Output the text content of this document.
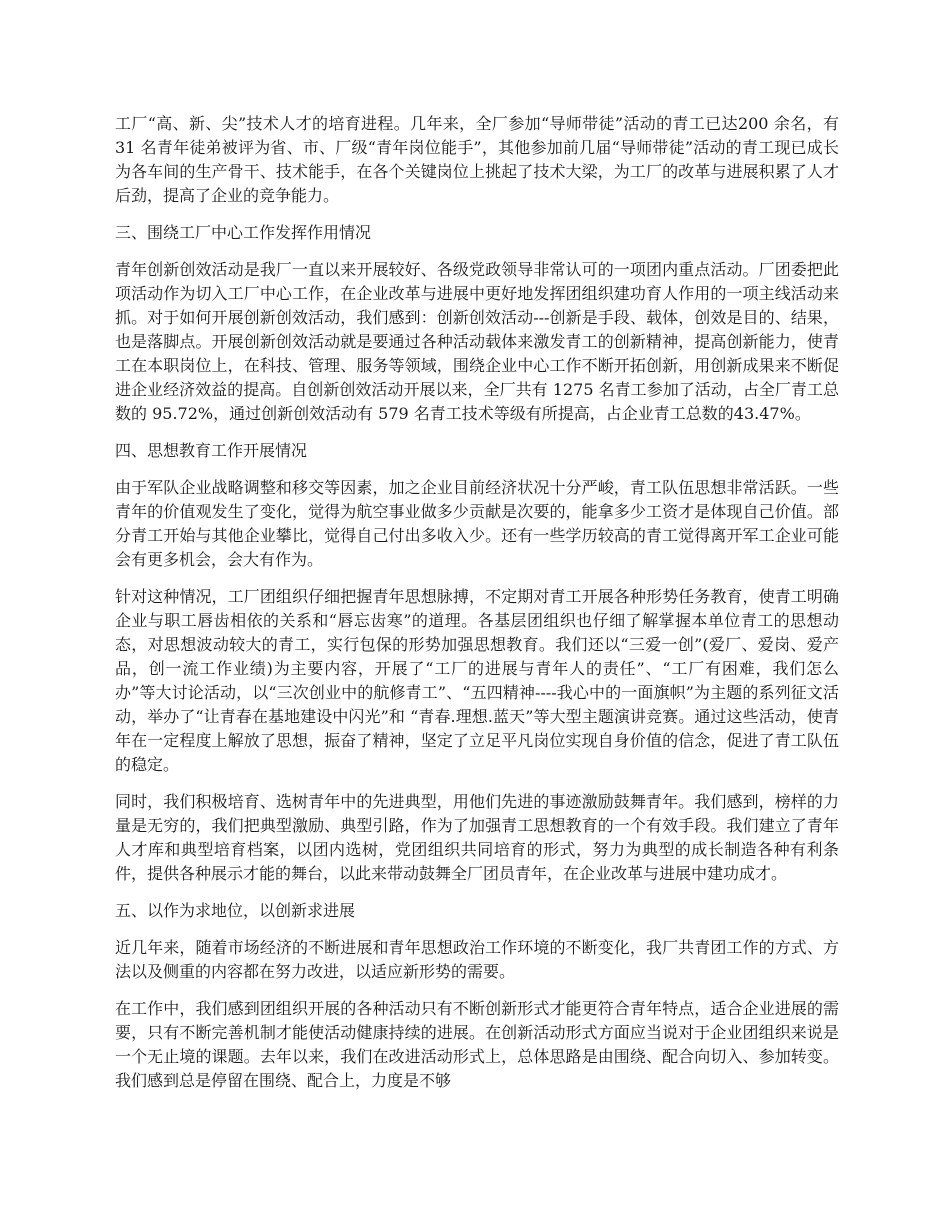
工厂“高、新、尖”技术人才的培育进程。几年来，全厂参加“导师带徒”活动的青工已达200 余名，有 31 名青年徒弟被评为省、市、厂级“青年岗位能手”，其他参加前几届“导师带徒”活动的青工现已成长为各车间的生产骨干、技术能手，在各个关键岗位上挑起了技术大梁，为工厂的改革与进展积累了人才后劲，提高了企业的竞争能力。

三、围绕工厂中心工作发挥作用情况

青年创新创效活动是我厂一直以来开展较好、各级党政领导非常认可的一项团内重点活动。厂团委把此项活动作为切入工厂中心工作，在企业改革与进展中更好地发挥团组织建功育人作用的一项主线活动来抓。对于如何开展创新创效活动，我们感到：创新创效活动---创新是手段、载体，创效是目的、结果，也是落脚点。开展创新创效活动就是要通过各种活动载体来激发青工的创新精神，提高创新能力，使青工在本职岗位上，在科技、管理、服务等领域，围绕企业中心工作不断开拓创新，用创新成果来不断促进企业经济效益的提高。自创新创效活动开展以来，全厂共有 1275 名青工参加了活动，占全厂青工总数的 95.72%，通过创新创效活动有 579 名青工技术等级有所提高，占企业青工总数的43.47%。

四、思想教育工作开展情况

由于军队企业战略调整和移交等因素，加之企业目前经济状况十分严峻，青工队伍思想非常活跃。一些青年的价值观发生了变化，觉得为航空事业做多少贡献是次要的，能拿多少工资才是体现自己价值。部分青工开始与其他企业攀比，觉得自己付出多收入少。还有一些学历较高的青工觉得离开军工企业可能会有更多机会，会大有作为。

针对这种情况，工厂团组织仔细把握青年思想脉搏，不定期对青工开展各种形势任务教育，使青工明确企业与职工唇齿相依的关系和“唇忘齿寒”的道理。各基层团组织也仔细了解掌握本单位青工的思想动态，对思想波动较大的青工，实行包保的形势加强思想教育。我们还以“三爱一创”(爱厂、爱岗、爱产品，创一流工作业绩)为主要内容，开展了“工厂的进展与青年人的责任”、“工厂有困难，我们怎么办”等大讨论活动，以“三次创业中的航修青工”、“五四精神----我心中的一面旗帜”为主题的系列征文活动，举办了“让青春在基地建设中闪光”和 “青春.理想.蓝天”等大型主题演讲竞赛。通过这些活动，使青年在一定程度上解放了思想，振奋了精神，坚定了立足平凡岗位实现自身价值的信念，促进了青工队伍的稳定。

同时，我们积极培育、选树青年中的先进典型，用他们先进的事迹激励鼓舞青年。我们感到，榜样的力量是无穷的，我们把典型激励、典型引路，作为了加强青工思想教育的一个有效手段。我们建立了青年人才库和典型培育档案，以团内选树，党团组织共同培育的形式，努力为典型的成长制造各种有利条件，提供各种展示才能的舞台，以此来带动鼓舞全厂团员青年，在企业改革与进展中建功成才。

五、以作为求地位，以创新求进展

近几年来，随着市场经济的不断进展和青年思想政治工作环境的不断变化，我厂共青团工作的方式、方法以及侧重的内容都在努力改进，以适应新形势的需要。

在工作中，我们感到团组织开展的各种活动只有不断创新形式才能更符合青年特点，适合企业进展的需要，只有不断完善机制才能使活动健康持续的进展。在创新活动形式方面应当说对于企业团组织来说是一个无止境的课题。去年以来，我们在改进活动形式上，总体思路是由围绕、配合向切入、参加转变。我们感到总是停留在围绕、配合上，力度是不够
